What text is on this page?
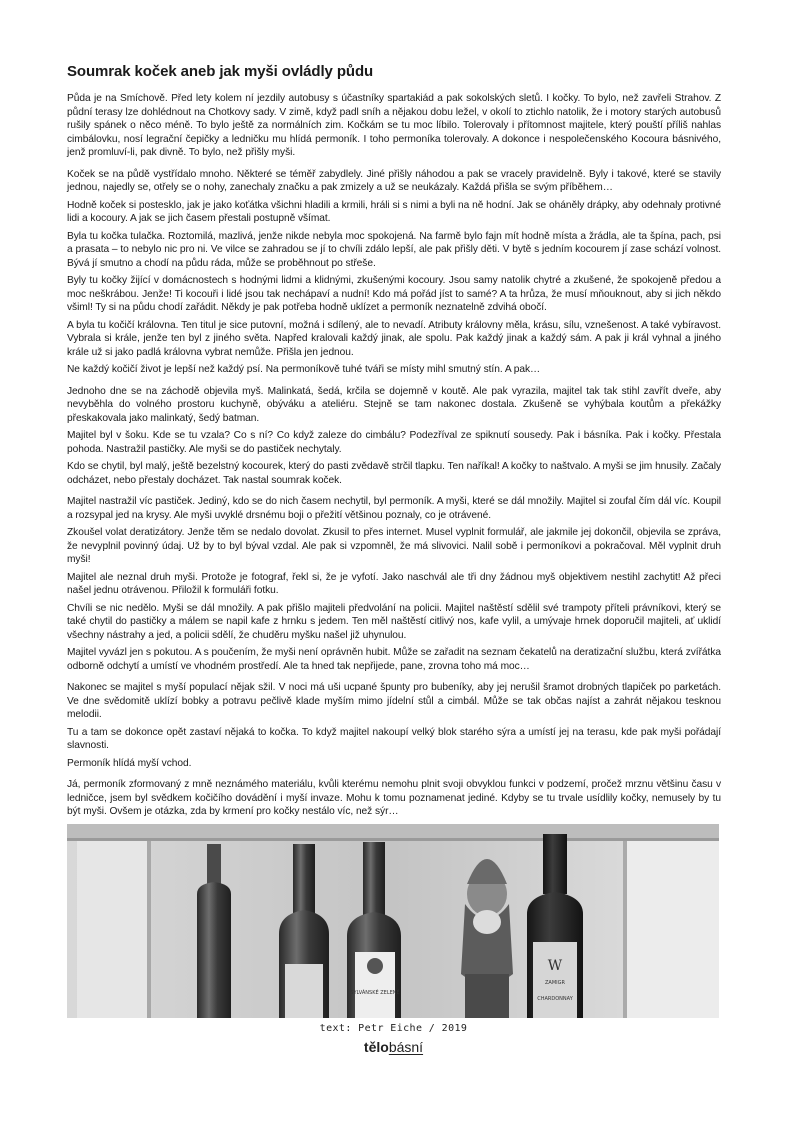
Soumrak koček aneb jak myši ovládly půdu

Půda je na Smíchově. Před lety kolem ní jezdily autobusy s účastníky spartakiád a pak sokolských sletů. I kočky. To bylo, než zavřeli Strahov. Z půdní terasy lze dohlédnout na Chotkovy sady. V zimě, když padl sníh a nějakou dobu ležel, v okolí to ztichlo natolik, že i motory starých autobusů rušily spánek o něco méně. To bylo ještě za normálních zim. Kočkám se tu moc líbilo. Tolerovaly i přítomnost majitele, který pouští příliš nahlas cimbálovku, nosí legrační čepičky a ledničku mu hlídá permoník. I toho permoníka tolerovaly. A dokonce i nespolečenského Kocoura básnivého, jenž promluví-li, pak divně. To bylo, než přišly myši.

Koček se na půdě vystřídalo mnoho. Některé se téměř zabydlely. Jiné přišly náhodou a pak se vracely pravidelně. Byly i takové, které se stavily jednou, najedly se, otřely se o nohy, zanechaly značku a pak zmizely a už se neukázaly. Každá přišla se svým příběhem…

Hodně koček si posteskl​o, jak je jako koťátka všichni hladili a krmili, hráli si s nimi a byli na ně hodní. Jak se oháněly drápky, aby odehnaly protivné lidi a kocoury. A jak se jich časem přestali postupně všímat.

Byla tu kočka tulačka. Roztomilá, mazlivá, jenže nikde nebyla moc spokojená. Na farmě bylo fajn mít hodně místa a žrádla, ale ta špína, pach, psi a prasata – to nebylo nic pro ni. Ve vilce se zahradou se jí to chvíli zdálo lepší, ale pak přišly děti. V bytě s jedním kocourem jí zase schází volnost. Bývá jí smutno a chodí na půdu ráda, může se proběhnout po střeše.

Byly tu kočky žijící v domácnostech s hodnými lidmi a klidnými, zkušenými kocoury. Jsou samy natolik chytré a zkušené, že spokojeně předou a moc neškrábou. Jenže! Ti kocouři i lidé jsou tak nechápaví a nudní! Kdo má pořád jíst to samé? A ta hrůza, že musí mňouknout, aby si jich někdo všiml! Ty si na půdu chodí zařádit. Někdy je pak potřeba hodně uklízet a permoník neznatelně zdvihá obočí.

A byla tu kočičí královna. Ten titul je sice putovní, možná i sdílený, ale to nevadí. Atributy královny měla, krásu, sílu, vznešenost. A také vybíravost. Vybrala si krále, jenže ten byl z jiného světa. Napřed kralovali každý jinak, ale spolu. Pak každý jinak a každý sám. A pak ji král vyhnal a jiného krále už si jako padlá královna vybrat nemůže. Přišla jen jednou.

Ne každý kočičí život je lepší než každý psí. Na permoníkově tuhé tváři se místy mihl smutný stín. A pak…

Jednoho dne se na záchodě objevila myš. Malinkatá, šedá, krčila se dojemně v koutě. Ale pak vyrazila, majitel tak tak stihl zavřít dveře, aby nevyběhla do volného prostoru kuchyně, obýváku a ateliéru. Stejně se tam nakonec dostala. Zkušeně se vyhýbala koutům a překážky přeskakovala jako malinkatý, šedý batman.

Majitel byl v šoku. Kde se tu vzala? Co s ní? Co když zaleze do cimbálu? Podezříval ze spiknutí sousedy. Pak i básníka. Pak i kočky. Přestala pohoda. Nastražil pastičky. Ale myši se do pastiček nechytaly.

Kdo se chytil, byl malý, ještě bezelstný kocourek, který do pasti zvědavě strčil tlapku. Ten naříkal! A kočky to naštvalo. A myši se jim hnusily. Začaly odcházet, nebo přestaly docházet. Tak nastal soumrak koček.

Majitel nastražil víc pastiček. Jediný, kdo se do nich časem nechytil, byl permoník. A myši, které se dál množily. Majitel si zoufal čím dál víc. Koupil a rozsypal jed na krysy. Ale myši uvyklé drsnému boji o přežití většinou poznaly, co je otrávené.

Zkoušel volat deratizátory. Jenže těm se nedalo dovolat. Zkusil to přes internet. Musel vyplnit formulář, ale jakmile jej dokončil, objevila se zpráva, že nevyplnil povinný údaj. Už by to byl býval vzdal. Ale pak si vzpomněl, že má slivovici. Nalil sobě i permoníkovi a pokračoval. Měl vyplnit druh myši!

Majitel ale neznal druh myši. Protože je fotograf, řekl si, že je vyfotí. Jako naschvál ale tři dny žádnou myš objektivem nestihl zachytit! Až přeci našel jednu otrávenou. Přiložil k formuláři fotku.

Chvíli se nic nedělo. Myši se dál množily. A pak přišlo majiteli předvolání na policii. Majitel naštěstí sdělil své trampoty příteli právníkovi, který se také chytil do pastičky a málem se napil kafe z hrnku s jedem. Ten měl naštěstí citlivý nos, kafe vylil, a umývaje hrnek doporučil majiteli, ať uklidí všechny nástrahy a jed, a policii sdělí, že chuděru myšku našel již uhynulou.

Majitel vyvázl jen s pokutou. A s poučením, že myši není oprávněn hubit. Může se zařadit na seznam čekatelů na deratizační službu, která zvířátka odborně odchytí a umístí ve vhodném prostředí. Ale ta hned tak nepřijede, pane, zrovna toho má moc…

Nakonec se majitel s myší populací nějak sžil. V noci má uši ucpané špunty pro bubeníky, aby jej nerušil šramot drobných tlapiček po parketách. Ve dne svědomitě uklízí bobky a potravu pečlivě klade myším mimo jídelní stůl a cimbál. Může se tak občas najíst a zahrát nějakou tesknou melodii.

Tu a tam se dokonce opět zastaví nějaká to kočka. To když majitel nakoupí velký blok starého sýra a umístí jej na terasu, kde pak myši pořádají slavnosti.

Permoník hlídá myší vchod.

Já, permoník zformovaný z mně neznámého materiálu, kvůli kterému nemohu plnit svoji obvyklou funkci v podzemí, pročež mrznu většinu času v ledničce, jsem byl svědkem kočičího dovádění i myší invaze. Mohu k tomu poznamenat jediné. Kdyby se tu trvale usídlily kočky, nemusely by tu být myši. Ovšem je otázka, zda by krmení pro kočky nestálo víc, než sýr…

SYLVÁNSKÉ ZELENÉ
W
ZAMIGR
CHARDONNAY
text: Petr Eiche / 2019
tělobásní
